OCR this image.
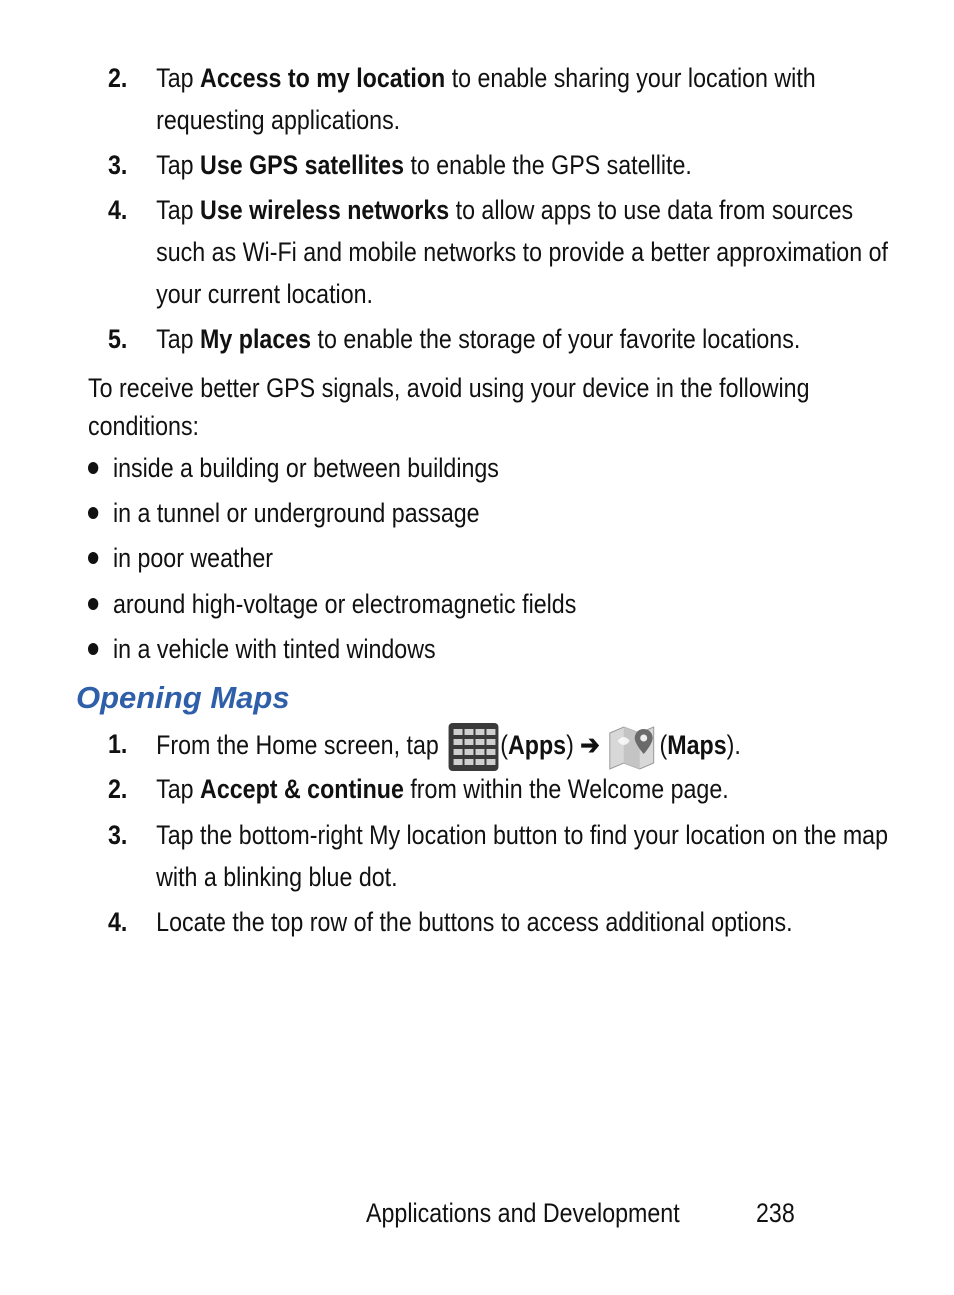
2. Tap Access to my location to enable sharing your location with requesting applications.
3. Tap Use GPS satellites to enable the GPS satellite.
4. Tap Use wireless networks to allow apps to use data from sources such as Wi-Fi and mobile networks to provide a better approximation of your current location.
5. Tap My places to enable the storage of your favorite locations.
To receive better GPS signals, avoid using your device in the following conditions:
inside a building or between buildings
in a tunnel or underground passage
in poor weather
around high-voltage or electromagnetic fields
in a vehicle with tinted windows
Opening Maps
1. From the Home screen, tap (Apps) ➔ (Maps).
2. Tap Accept & continue from within the Welcome page.
3. Tap the bottom-right My location button to find your location on the map with a blinking blue dot.
4. Locate the top row of the buttons to access additional options.
Applications and Development	238
